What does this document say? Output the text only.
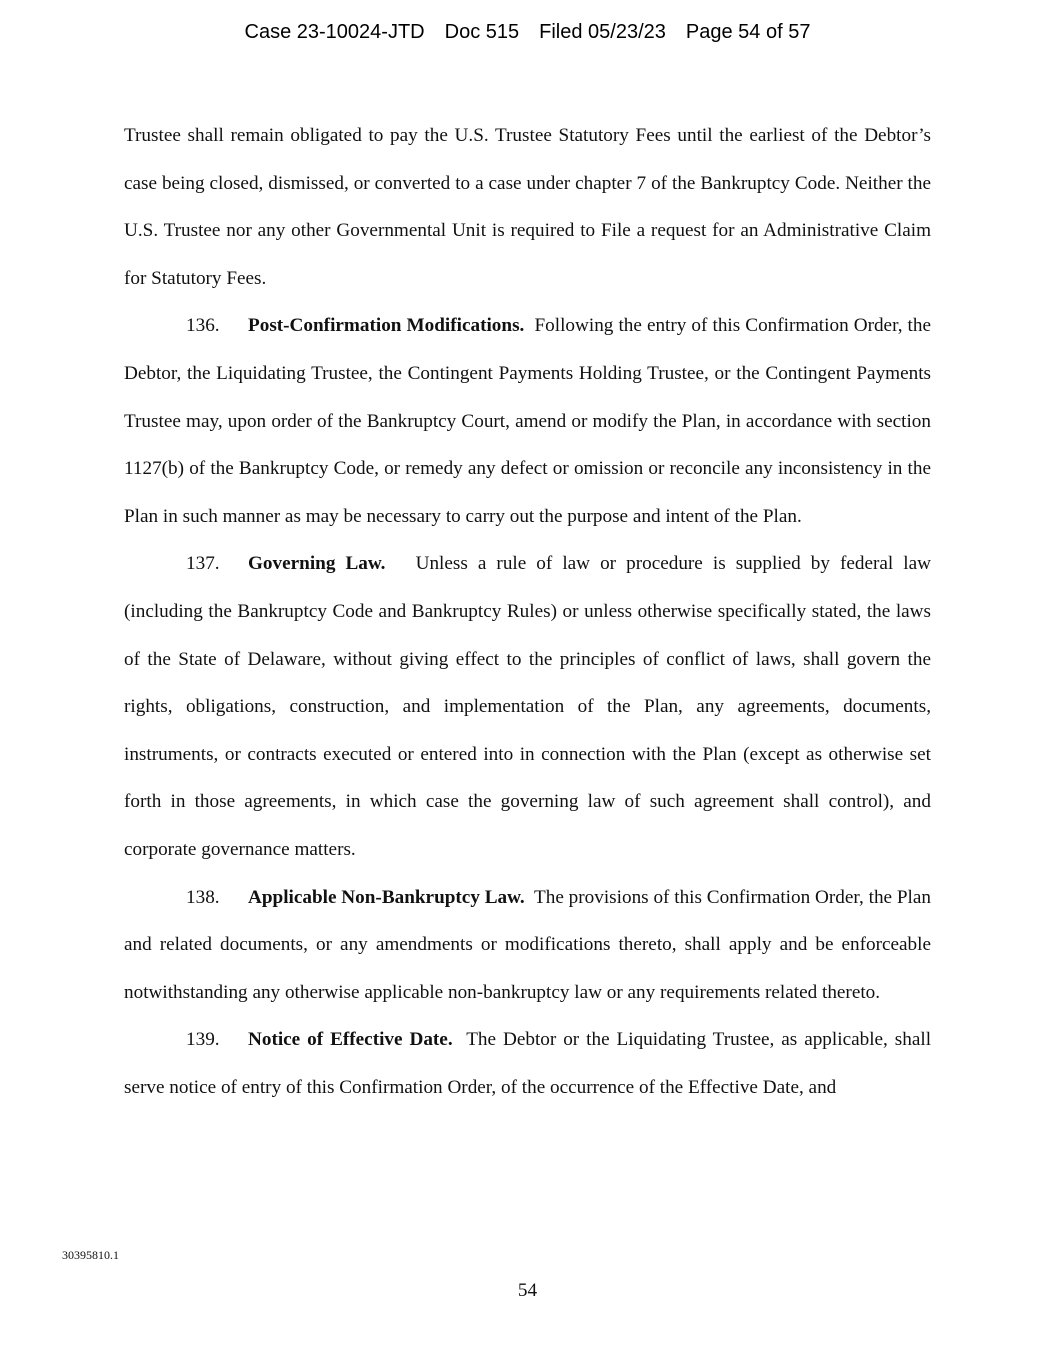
Case 23-10024-JTD Doc 515 Filed 05/23/23 Page 54 of 57

Trustee shall remain obligated to pay the U.S. Trustee Statutory Fees until the earliest of the Debtor’s case being closed, dismissed, or converted to a case under chapter 7 of the Bankruptcy Code. Neither the U.S. Trustee nor any other Governmental Unit is required to File a request for an Administrative Claim for Statutory Fees.

136. Post-Confirmation Modifications. Following the entry of this Confirmation Order, the Debtor, the Liquidating Trustee, the Contingent Payments Holding Trustee, or the Contingent Payments Trustee may, upon order of the Bankruptcy Court, amend or modify the Plan, in accordance with section 1127(b) of the Bankruptcy Code, or remedy any defect or omission or reconcile any inconsistency in the Plan in such manner as may be necessary to carry out the purpose and intent of the Plan.

137. Governing Law. Unless a rule of law or procedure is supplied by federal law (including the Bankruptcy Code and Bankruptcy Rules) or unless otherwise specifically stated, the laws of the State of Delaware, without giving effect to the principles of conflict of laws, shall govern the rights, obligations, construction, and implementation of the Plan, any agreements, documents, instruments, or contracts executed or entered into in connection with the Plan (except as otherwise set forth in those agreements, in which case the governing law of such agreement shall control), and corporate governance matters.

138. Applicable Non-Bankruptcy Law. The provisions of this Confirmation Order, the Plan and related documents, or any amendments or modifications thereto, shall apply and be enforceable notwithstanding any otherwise applicable non-bankruptcy law or any requirements related thereto.

139. Notice of Effective Date. The Debtor or the Liquidating Trustee, as applicable, shall serve notice of entry of this Confirmation Order, of the occurrence of the Effective Date, and

30395810.1
54
